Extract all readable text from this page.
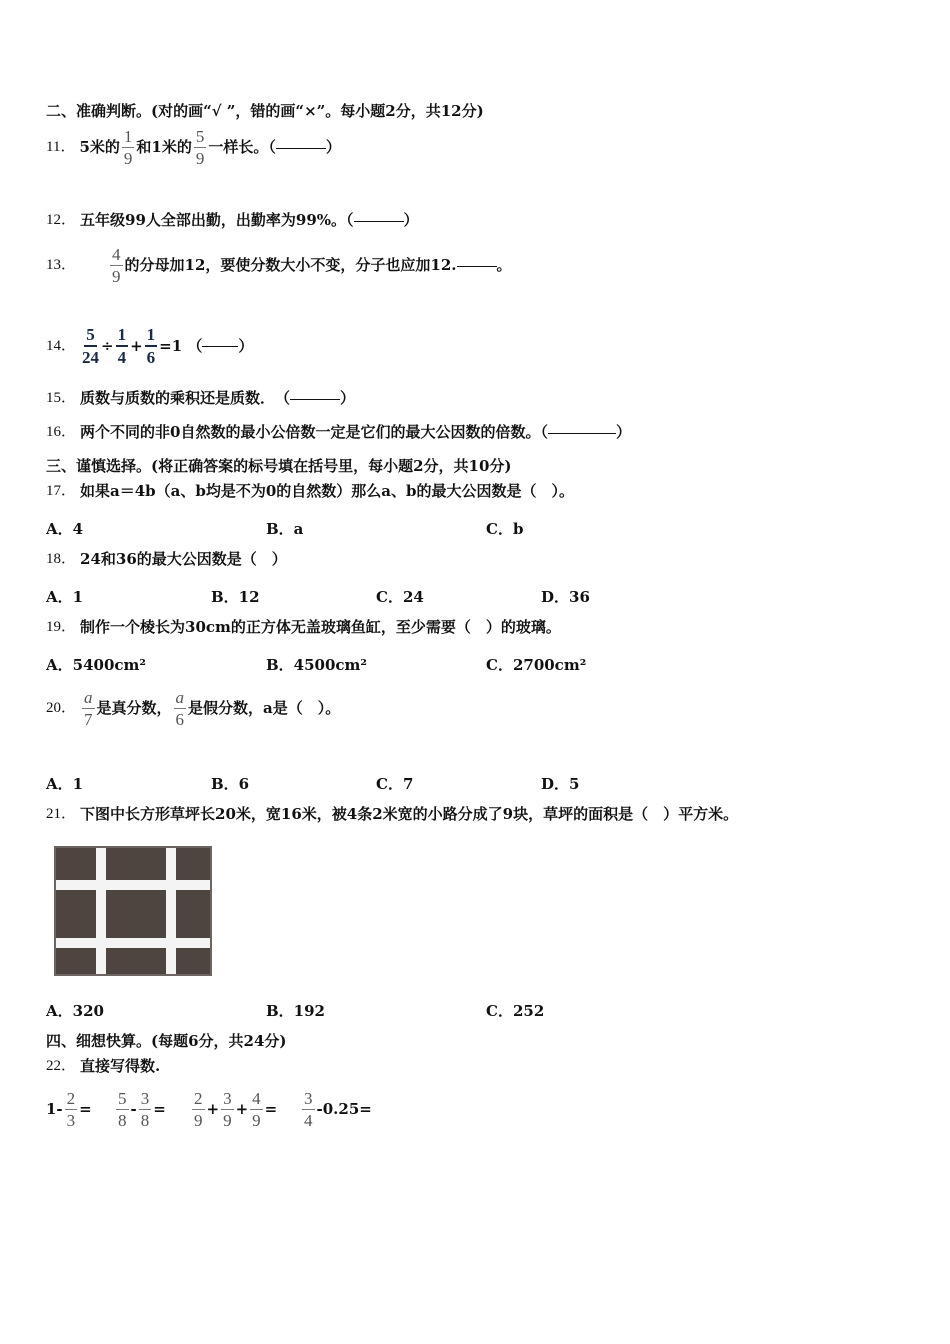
二、准确判断。(对的画“√ ”，错的画“×”。每小题2分，共12分)
11． 5米的 $\frac{1}{9}$ 和1米的 $\frac{5}{9}$ 一样长。（	）
12． 五年级99人全部出勤，出勤率为99%。（	）
13． $\frac{4}{9}$ 的分母加12，要使分数大小不变，分子也应加12.	。
14． $\frac{5}{24} \div \frac{1}{4} + \frac{1}{6} =1$ （ ）
15． 质数与质数的乘积还是质数．　（	）
16． 两个不同的非0自然数的最小公倍数一定是它们的最大公因数的倍数。（	）
三、谨慎选择。(将正确答案的标号填在括号里，每小题2分，共10分)
17． 如果a＝4b（a、b均是不为0的自然数）那么a、b的最大公因数是（　）。
A．4	B．a	C．b
18． 24和36的最大公因数是（　）
A．1	B．12	C．24	D．36
19． 制作一个棱长为30cm的正方体无盖玻璃鱼缸，至少需要（　）的玻璃。
A．5400cm²	B．4500cm²	C．2700cm²
20． $\frac{a}{7}$ 是真分数， $\frac{a}{6}$ 是假分数，a是（　）。
A．1	B．6	C．7	D．5
21． 下图中长方形草坪长20米，宽16米，被4条2米宽的小路分成了9块，草坪的面积是（　）平方米。
A．320	B．192	C．252
四、细想快算。(每题6分，共24分)
22． 直接写得数.
$1- \frac{2}{3} = \frac{5}{8} - \frac{3}{8} = \frac{2}{9} + \frac{3}{9} + \frac{4}{9} = \frac{3}{4} -0.25=$
